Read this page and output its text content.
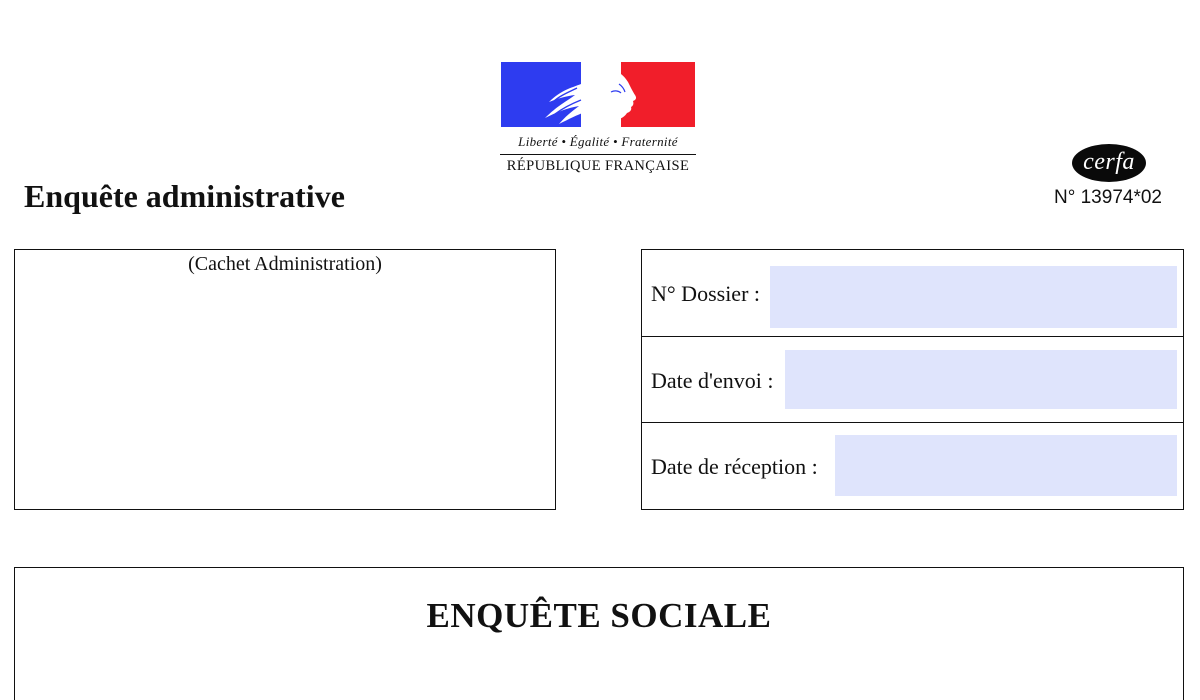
Liberté • Égalité • Fraternité
RÉPUBLIQUE FRANÇAISE	cerfa
N° 13974*02
Enquête administrative
(Cachet Administration)
N° Dossier :
Date d'envoi :
Date de réception :
ENQUÊTE SOCIALE
